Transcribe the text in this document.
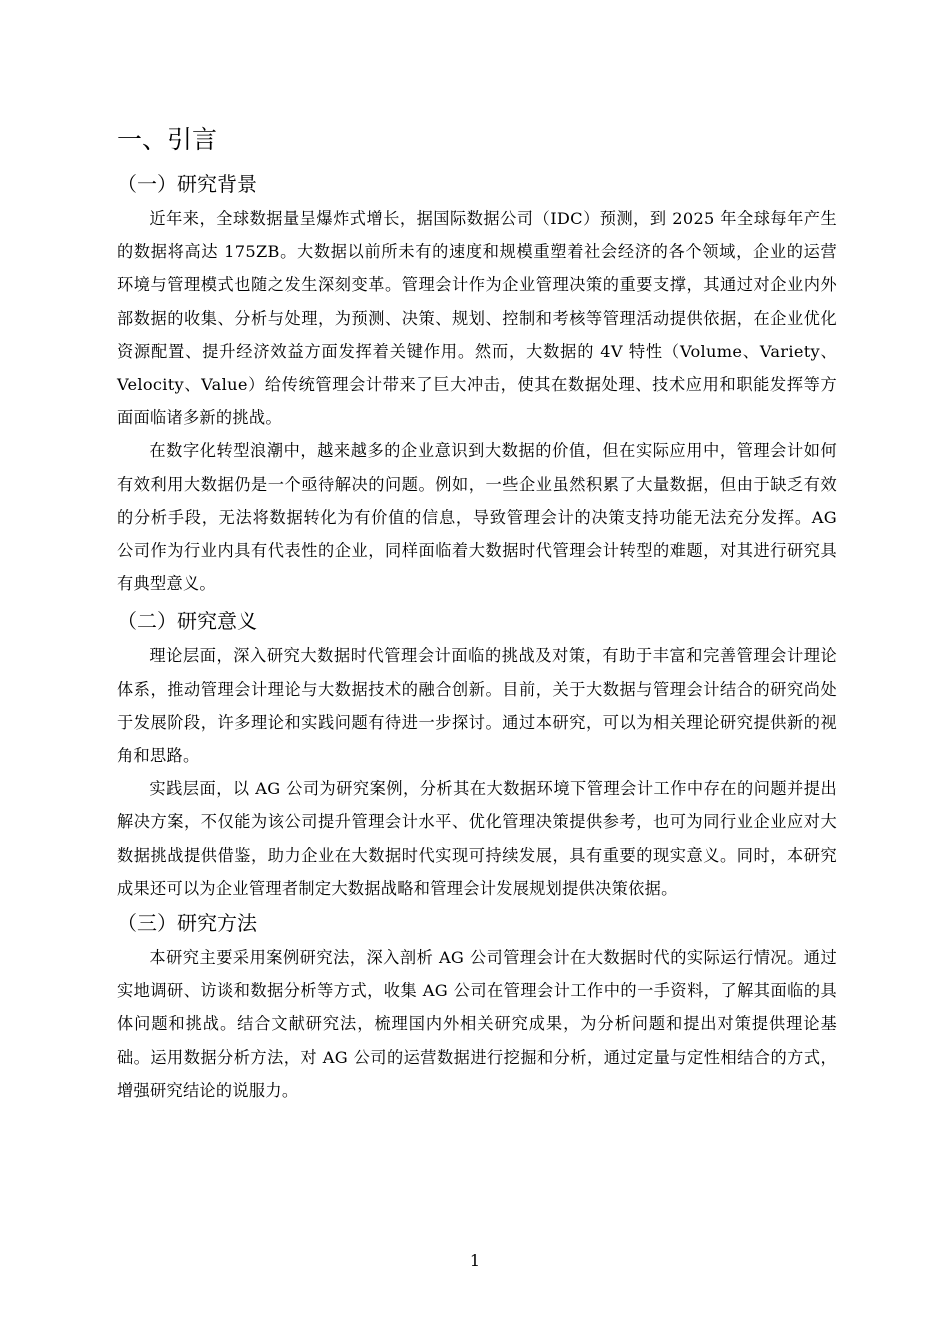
一、引言
（一）研究背景

近年来，全球数据量呈爆炸式增长，据国际数据公司（IDC）预测，到 2025 年全球每年产生的数据将高达 175ZB。大数据以前所未有的速度和规模重塑着社会经济的各个领域，企业的运营环境与管理模式也随之发生深刻变革。管理会计作为企业管理决策的重要支撑，其通过对企业内外部数据的收集、分析与处理，为预测、决策、规划、控制和考核等管理活动提供依据，在企业优化资源配置、提升经济效益方面发挥着关键作用。然而，大数据的 4V 特性（Volume、Variety、Velocity、Value）给传统管理会计带来了巨大冲击，使其在数据处理、技术应用和职能发挥等方面面临诸多新的挑战。

在数字化转型浪潮中，越来越多的企业意识到大数据的价值，但在实际应用中，管理会计如何有效利用大数据仍是一个亟待解决的问题。例如，一些企业虽然积累了大量数据，但由于缺乏有效的分析手段，无法将数据转化为有价值的信息，导致管理会计的决策支持功能无法充分发挥。AG 公司作为行业内具有代表性的企业，同样面临着大数据时代管理会计转型的难题，对其进行研究具有典型意义。

（二）研究意义

理论层面，深入研究大数据时代管理会计面临的挑战及对策，有助于丰富和完善管理会计理论体系，推动管理会计理论与大数据技术的融合创新。目前，关于大数据与管理会计结合的研究尚处于发展阶段，许多理论和实践问题有待进一步探讨。通过本研究，可以为相关理论研究提供新的视角和思路。

实践层面，以 AG 公司为研究案例，分析其在大数据环境下管理会计工作中存在的问题并提出解决方案，不仅能为该公司提升管理会计水平、优化管理决策提供参考，也可为同行业企业应对大数据挑战提供借鉴，助力企业在大数据时代实现可持续发展，具有重要的现实意义。同时，本研究成果还可以为企业管理者制定大数据战略和管理会计发展规划提供决策依据。

（三）研究方法

本研究主要采用案例研究法，深入剖析 AG 公司管理会计在大数据时代的实际运行情况。通过实地调研、访谈和数据分析等方式，收集 AG 公司在管理会计工作中的一手资料，了解其面临的具体问题和挑战。结合文献研究法，梳理国内外相关研究成果，为分析问题和提出对策提供理论基础。运用数据分析方法，对 AG 公司的运营数据进行挖掘和分析，通过定量与定性相结合的方式，增强研究结论的说服力。

1
